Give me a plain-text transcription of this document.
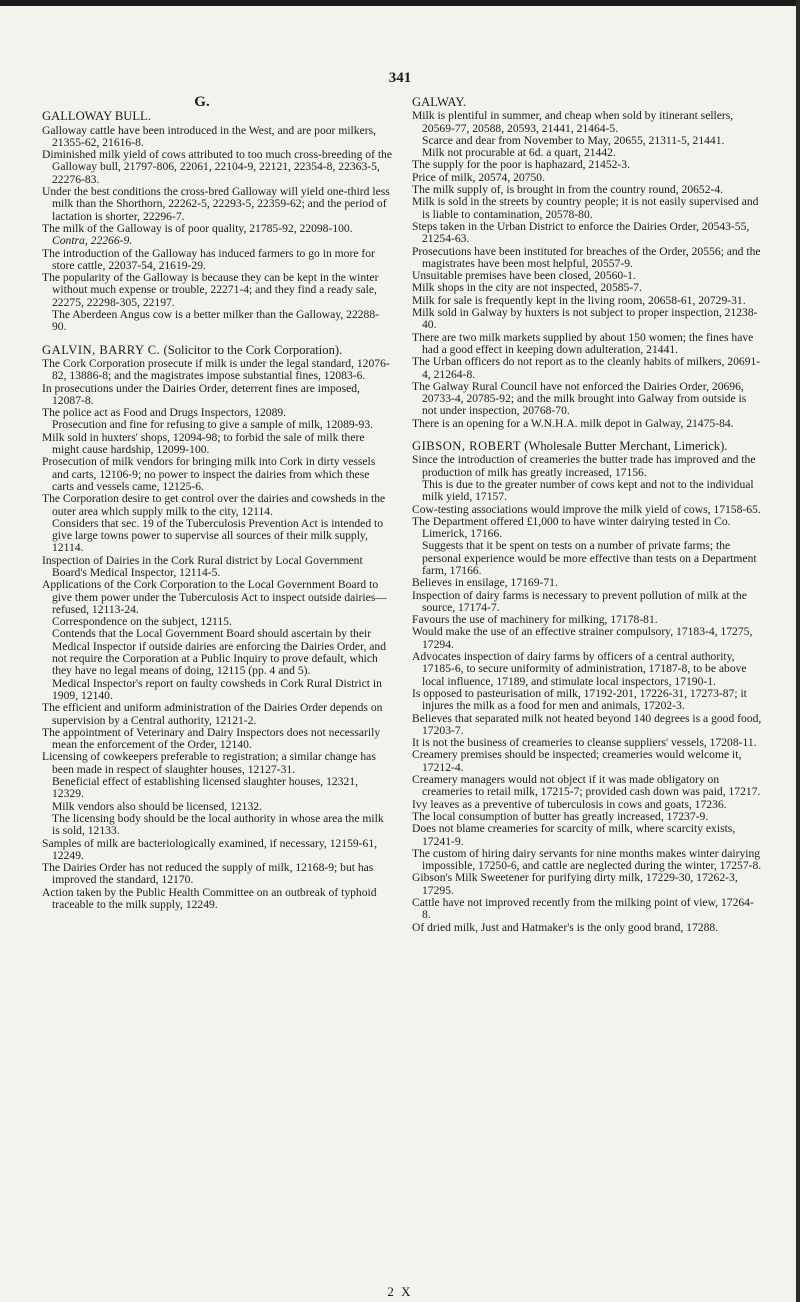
341
G.
GALLOWAY BULL.

Galloway cattle have been introduced in the West, and are poor milkers, 21355-62, 21616-8.

Diminished milk yield of cows attributed to too much cross-breeding of the Galloway bull, 21797-806, 22061, 22104-9, 22121, 22354-8, 22363-5, 22276-83.

Under the best conditions the cross-bred Galloway will yield one-third less milk than the Shorthorn, 22262-5, 22293-5, 22359-62; and the period of lactation is shorter, 22296-7.

The milk of the Galloway is of poor quality, 21785-92, 22098-100.

Contra, 22266-9.

The introduction of the Galloway has induced farmers to go in more for store cattle, 22037-54, 21619-29.

The popularity of the Galloway is because they can be kept in the winter without much expense or trouble, 22271-4; and they find a ready sale, 22275, 22298-305, 22197.

The Aberdeen Angus cow is a better milker than the Galloway, 22288-90.

GALVIN, BARRY C. (Solicitor to the Cork Corporation).

The Cork Corporation prosecute if milk is under the legal standard, 12076-82, 13886-8; and the magistrates impose substantial fines, 12083-6.

In prosecutions under the Dairies Order, deterrent fines are imposed, 12087-8.

The police act as Food and Drugs Inspectors, 12089.

Prosecution and fine for refusing to give a sample of milk, 12089-93.

Milk sold in huxters' shops, 12094-98; to forbid the sale of milk there might cause hardship, 12099-100.

Prosecution of milk vendors for bringing milk into Cork in dirty vessels and carts, 12106-9; no power to inspect the dairies from which these carts and vessels came, 12125-6.

The Corporation desire to get control over the dairies and cowsheds in the outer area which supply milk to the city, 12114.

Considers that sec. 19 of the Tuberculosis Prevention Act is intended to give large towns power to supervise all sources of their milk supply, 12114.

Inspection of Dairies in the Cork Rural district by Local Government Board's Medical Inspector, 12114-5.

Applications of the Cork Corporation to the Local Government Board to give them power under the Tuberculosis Act to inspect outside dairies—refused, 12113-24.

Correspondence on the subject, 12115.

Contends that the Local Government Board should ascertain by their Medical Inspector if outside dairies are enforcing the Dairies Order, and not require the Corporation at a Public Inquiry to prove default, which they have no legal means of doing, 12115 (pp. 4 and 5).

Medical Inspector's report on faulty cowsheds in Cork Rural District in 1909, 12140.

The efficient and uniform administration of the Dairies Order depends on supervision by a Central authority, 12121-2.

The appointment of Veterinary and Dairy Inspectors does not necessarily mean the enforcement of the Order, 12140.

Licensing of cowkeepers preferable to registration; a similar change has been made in respect of slaughter houses, 12127-31.

Beneficial effect of establishing licensed slaughter houses, 12321, 12329.

Milk vendors also should be licensed, 12132.

The licensing body should be the local authority in whose area the milk is sold, 12133.

Samples of milk are bacteriologically examined, if necessary, 12159-61, 12249.

The Dairies Order has not reduced the supply of milk, 12168-9; but has improved the standard, 12170.

Action taken by the Public Health Committee on an outbreak of typhoid traceable to the milk supply, 12249.

GALWAY.

Milk is plentiful in summer, and cheap when sold by itinerant sellers, 20569-77, 20588, 20593, 21441, 21464-5.

Scarce and dear from November to May, 20655, 21311-5, 21441.

Milk not procurable at 6d. a quart, 21442.

The supply for the poor is haphazard, 21452-3.

Price of milk, 20574, 20750.

The milk supply of, is brought in from the country round, 20652-4.

Milk is sold in the streets by country people; it is not easily supervised and is liable to contamination, 20578-80.

Steps taken in the Urban District to enforce the Dairies Order, 20543-55, 21254-63.

Prosecutions have been instituted for breaches of the Order, 20556; and the magistrates have been most helpful, 20557-9.

Unsuitable premises have been closed, 20560-1.

Milk shops in the city are not inspected, 20585-7.

Milk for sale is frequently kept in the living room, 20658-61, 20729-31.

Milk sold in Galway by huxters is not subject to proper inspection, 21238-40.

There are two milk markets supplied by about 150 women; the fines have had a good effect in keeping down adulteration, 21441.

The Urban officers do not report as to the cleanly habits of milkers, 20691-4, 21264-8.

The Galway Rural Council have not enforced the Dairies Order, 20696, 20733-4, 20785-92; and the milk brought into Galway from outside is not under inspection, 20768-70.

There is an opening for a W.N.H.A. milk depot in Galway, 21475-84.

GIBSON, ROBERT (Wholesale Butter Merchant, Limerick).

Since the introduction of creameries the butter trade has improved and the production of milk has greatly increased, 17156.

This is due to the greater number of cows kept and not to the individual milk yield, 17157.

Cow-testing associations would improve the milk yield of cows, 17158-65.

The Department offered £1,000 to have winter dairying tested in Co. Limerick, 17166.

Suggests that it be spent on tests on a number of private farms; the personal experience would be more effective than tests on a Department farm, 17166.

Believes in ensilage, 17169-71.

Inspection of dairy farms is necessary to prevent pollution of milk at the source, 17174-7.

Favours the use of machinery for milking, 17178-81.

Would make the use of an effective strainer compulsory, 17183-4, 17275, 17294.

Advocates inspection of dairy farms by officers of a central authority, 17185-6, to secure uniformity of administration, 17187-8, to be above local influence, 17189, and stimulate local inspectors, 17190-1.

Is opposed to pasteurisation of milk, 17192-201, 17226-31, 17273-87; it injures the milk as a food for men and animals, 17202-3.

Believes that separated milk not heated beyond 140 degrees is a good food, 17203-7.

It is not the business of creameries to cleanse suppliers' vessels, 17208-11.

Creamery premises should be inspected; creameries would welcome it, 17212-4.

Creamery managers would not object if it was made obligatory on creameries to retail milk, 17215-7; provided cash down was paid, 17217.

Ivy leaves as a preventive of tuberculosis in cows and goats, 17236.

The local consumption of butter has greatly increased, 17237-9.

Does not blame creameries for scarcity of milk, where scarcity exists, 17241-9.

The custom of hiring dairy servants for nine months makes winter dairying impossible, 17250-6, and cattle are neglected during the winter, 17257-8.

Gibson's Milk Sweetener for purifying dirty milk, 17229-30, 17262-3, 17295.

Cattle have not improved recently from the milking point of view, 17264-8.

Of dried milk, Just and Hatmaker's is the only good brand, 17288.

2 X
